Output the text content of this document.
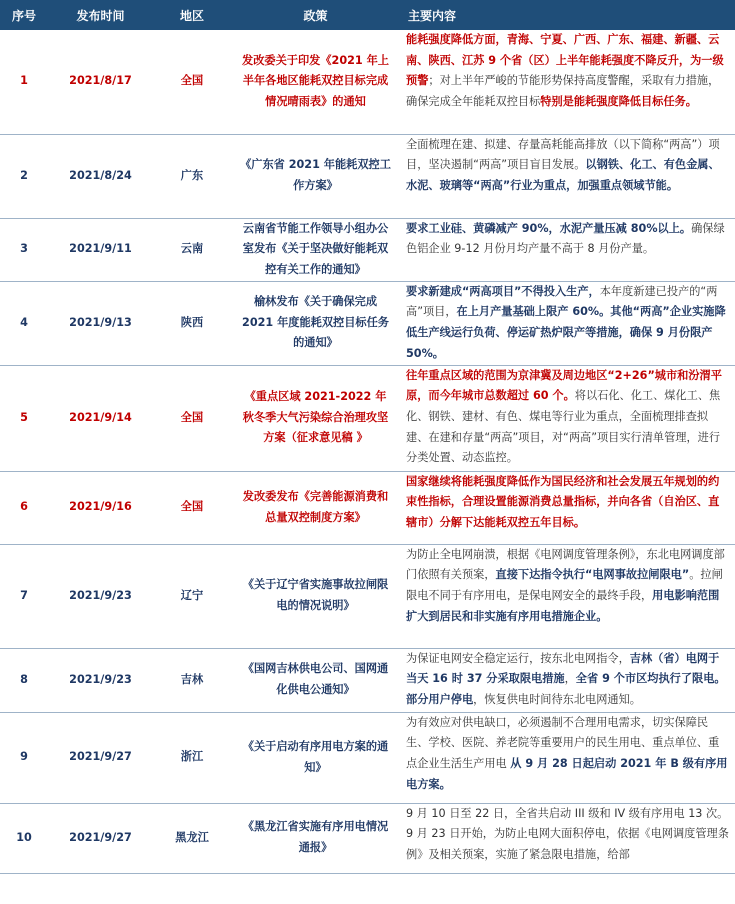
序号	发布时间	地区	政策	主要内容
1	2021/8/17	全国	发改委关于印发《2021 年上半年各地区能耗双控目标完成情况晴雨表》的通知	能耗强度降低方面，青海、宁夏、广西、广东、福建、新疆、云南、陕西、江苏 9 个省（区）上半年能耗强度不降反升，为一级预警；对上半年严峻的节能形势保持高度警醒，采取有力措施，确保完成全年能耗双控目标特别是能耗强度降低目标任务。
2	2021/8/24	广东	《广东省 2021 年能耗双控工作方案》	全面梳理在建、拟建、存量高耗能高排放（以下简称“两高”）项目，坚决遏制“两高”项目盲目发展。以钢铁、化工、有色金属、水泥、玻璃等“两高”行业为重点，加强重点领域节能。
3	2021/9/11	云南	云南省节能工作领导小组办公室发布《关于坚决做好能耗双控有关工作的通知》	要求工业硅、黄磷减产 90%，水泥产量压减 80%以上。确保绿色铝企业 9-12 月份月均产量不高于 8 月份产量。
4	2021/9/13	陕西	榆林发布《关于确保完成 2021 年度能耗双控目标任务的通知》	要求新建成“两高项目”不得投入生产，本年度新建已投产的“两高”项目，在上月产量基础上限产 60%。其他“两高”企业实施降低生产线运行负荷、停运矿热炉限产等措施，确保 9 月份限产 50%。
5	2021/9/14	全国	《重点区域 2021-2022 年秋冬季大气污染综合治理攻坚方案（征求意见稿 》	往年重点区域的范围为京津冀及周边地区“2+26”城市和汾渭平原，而今年城市总数超过 60 个。将以石化、化工、煤化工、焦化、钢铁、建材、有色、煤电等行业为重点，全面梳理排查拟建、在建和存量“两高”项目，对“两高”项目实行清单管理，进行分类处置、动态监控。
6	2021/9/16	全国	发改委发布《完善能源消费和总量双控制度方案》	国家继续将能耗强度降低作为国民经济和社会发展五年规划的约束性指标，合理设置能源消费总量指标，并向各省（自治区、直辖市）分解下达能耗双控五年目标。
7	2021/9/23	辽宁	《关于辽宁省实施事故拉闸限电的情况说明》	为防止全电网崩溃，根据《电网调度管理条例》，东北电网调度部门依照有关预案，直接下达指令执行“电网事故拉闸限电”。拉闸限电不同于有序用电，是保电网安全的最终手段，用电影响范围扩大到居民和非实施有序用电措施企业。
8	2021/9/23	吉林	《国网吉林供电公司、国网通化供电公通知》	为保证电网安全稳定运行，按东北电网指令，吉林（省）电网于当天 16 时 37 分采取限电措施，全省 9 个市区均执行了限电。部分用户停电，恢复供电时间待东北电网通知。
9	2021/9/27	浙江	《关于启动有序用电方案的通知》	为有效应对供电缺口，必须遏制不合理用电需求，切实保障民生、学校、医院、养老院等重要用户的民生用电、重点单位、重点企业生活生产用电 从 9 月 28 日起启动 2021 年 B 级有序用电方案。
10	2021/9/27	黑龙江	《黑龙江省实施有序用电情况通报》	9 月 10 日至 22 日，全省共启动 III 级和 IV 级有序用电 13 次。9 月 23 日开始，为防止电网大面积停电，依据《电网调度管理条例》及相关预案，实施了紧急限电措施，给部
